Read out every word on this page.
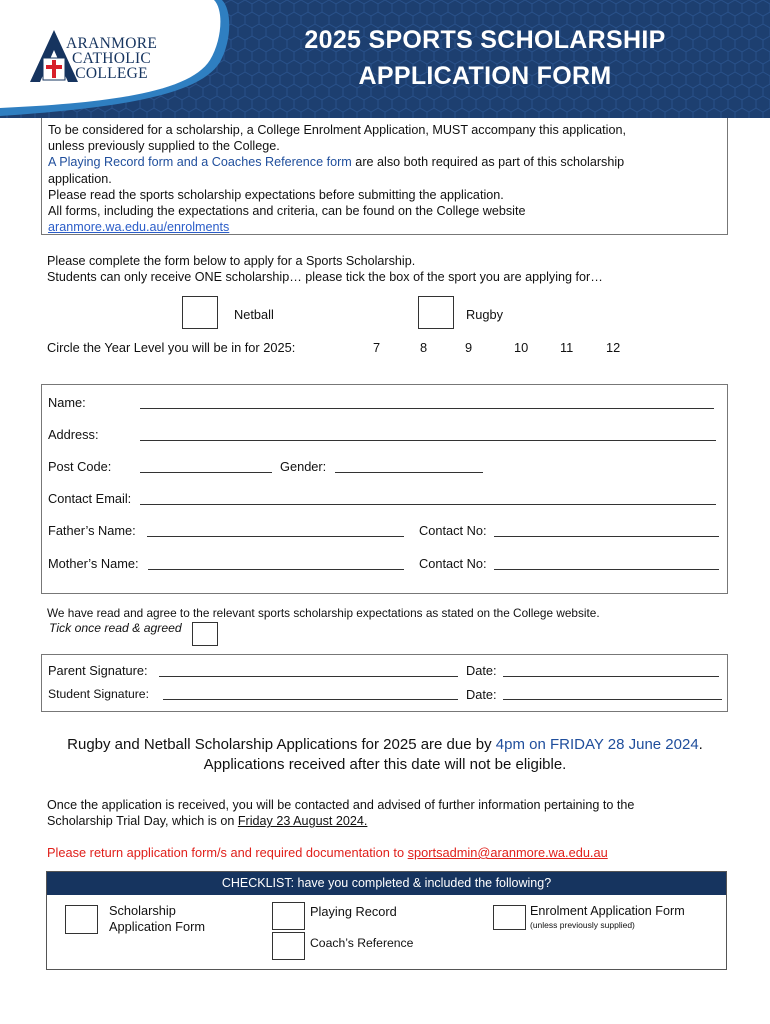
ARANMORE
CATHOLIC
COLLEGE
2025 SPORTS SCHOLARSHIP
APPLICATION FORM
To be considered for a scholarship, a College Enrolment Application, MUST accompany this application,
unless previously supplied to the College.
A Playing Record form and a Coaches Reference form are also both required as part of this scholarship
application.
Please read the sports scholarship expectations before submitting the application.
All forms, including the expectations and criteria, can be found on the College website
aranmore.wa.edu.au/enrolments
Please complete the form below to apply for a Sports Scholarship.
Students can only receive ONE scholarship… please tick the box of the sport you are applying for…
Netball	Rugby
Circle the Year Level you will be in for 2025:	7	8	9	10 11	12
Name:
Address:
Post Code:	Gender:
Contact Email:
Father’s Name:	Contact No:
Mother’s Name:	Contact No:
We have read and agree to the relevant sports scholarship expectations as stated on the College website.
Tick once read & agreed
Parent Signature:	Date:
Student Signature:	Date:
Rugby and Netball Scholarship Applications for 2025 are due by 4pm on FRIDAY 28 June 2024.
Applications received after this date will not be eligible.
Once the application is received, you will be contacted and advised of further information pertaining to the
Scholarship Trial Day, which is on Friday 23 August 2024.
Please return application form/s and required documentation to sportsadmin@aranmore.wa.edu.au
CHECKLIST: have you completed & included the following?
Scholarship
Application Form
Playing Record
Coach’s Reference
Enrolment Application Form
(unless previously supplied)
